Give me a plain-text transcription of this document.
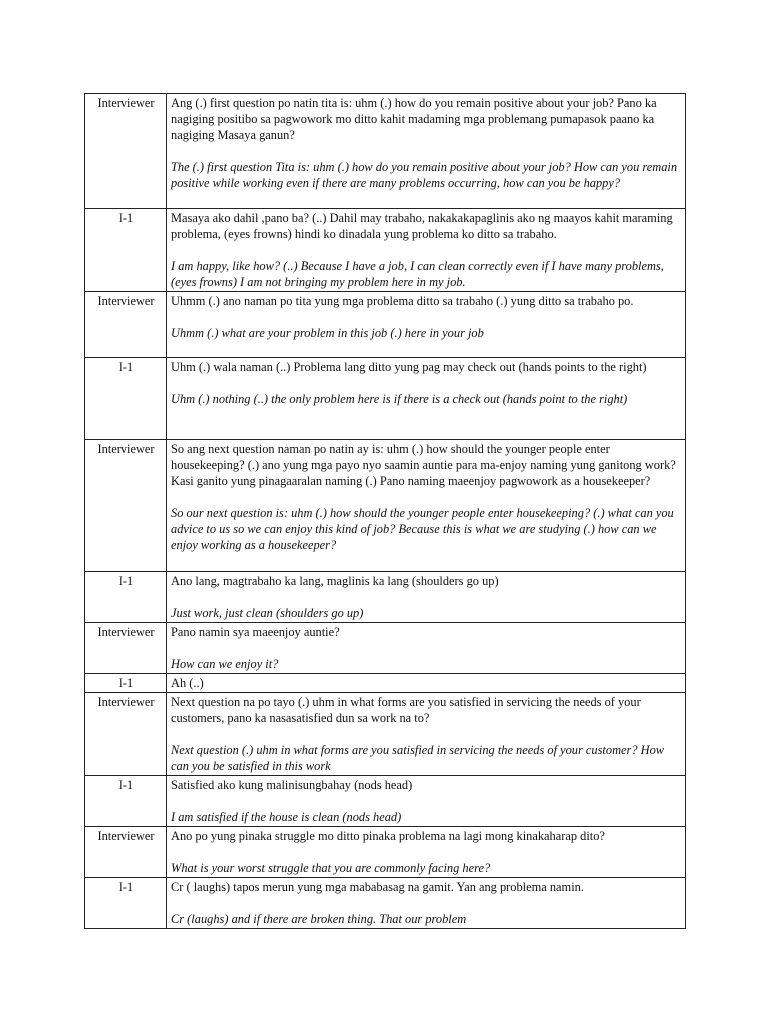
Interviewer	Ang (.) first question po natin tita is: uhm (.) how do you remain positive about your job? Pano ka nagiging positibo sa pagwowork mo ditto kahit madaming mga problemang pumapasok paano ka nagiging Masaya ganun?
The (.) first question Tita is: uhm (.) how do you remain positive about your job? How can you remain positive while working even if there are many problems occurring, how can you be happy?

I-1	Masaya ako dahil ,pano ba? (..) Dahil may trabaho, nakakakapaglinis ako ng maayos kahit maraming problema, (eyes frowns) hindi ko dinadala yung problema ko ditto sa trabaho.
I am happy, like how? (..) Because I have a job, I can clean correctly even if I have many problems, (eyes frowns) I am not bringing my problem here in my job.

Interviewer	Uhmm (.) ano naman po tita yung mga problema ditto sa trabaho (.) yung ditto sa trabaho po.
Uhmm (.) what are your problem in this job (.) here in your job

I-1	Uhm (.) wala naman (..) Problema lang ditto yung pag may check out (hands points to the right)
Uhm (.) nothing (..) the only problem here is if there is a check out (hands point to the right)

Interviewer	So ang next question naman po natin ay is: uhm (.) how should the younger people enter housekeeping? (.) ano yung mga payo nyo saamin auntie para ma-enjoy naming yung ganitong work? Kasi ganito yung pinagaaralan naming (.) Pano naming maeenjoy pagwowork as a housekeeper?
So our next question is: uhm (.) how should the younger people enter housekeeping? (.) what can you advice to us so we can enjoy this kind of job? Because this is what we are studying (.) how can we enjoy working as a housekeeper?

I-1	Ano lang, magtrabaho ka lang, maglinis ka lang (shoulders go up)
Just work, just clean (shoulders go up)

Interviewer	Pano namin sya maeenjoy auntie?
How can we enjoy it?

I-1	Ah (..)

Interviewer	Next question na po tayo (.) uhm in what forms are you satisfied in servicing the needs of your customers, pano ka nasasatisfied dun sa work na to?
Next question (.) uhm in what forms are you satisfied in servicing the needs of your customer? How can you be satisfied in this work

I-1	Satisfied ako kung malinisungbahay (nods head)
I am satisfied if the house is clean (nods head)

Interviewer	Ano po yung pinaka struggle mo ditto pinaka problema na lagi mong kinakaharap dito?
What is your worst struggle that you are commonly facing here?

I-1	Cr ( laughs) tapos merun yung mga mababasag na gamit. Yan ang problema namin.
Cr (laughs) and if there are broken thing. That our problem
